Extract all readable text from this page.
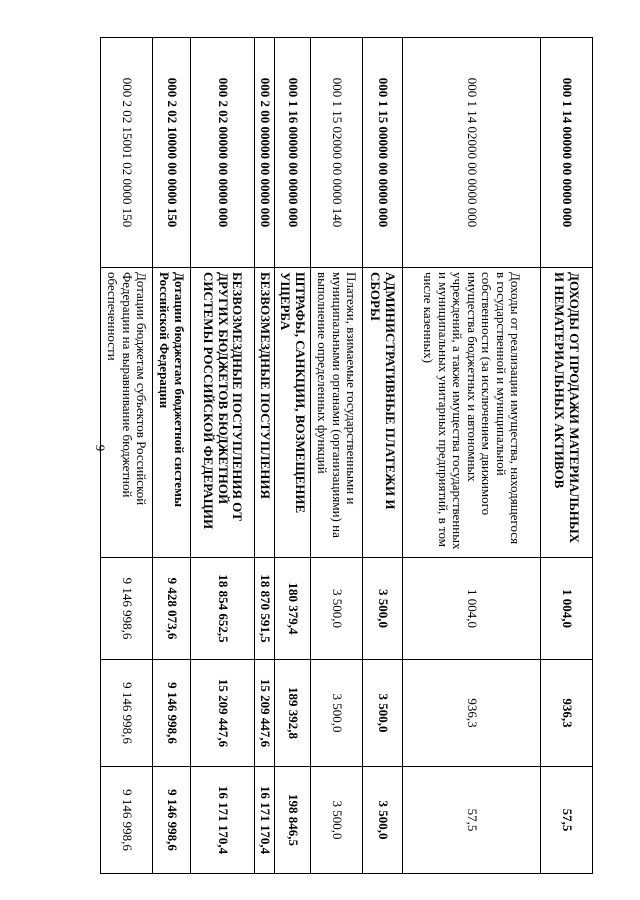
9
000 1 14 00000 00 0000 000	ДОХОДЫ ОТ ПРОДАЖИ МАТЕРИАЛЬНЫХ И НЕМАТЕРИАЛЬНЫХ АКТИВОВ	1 004,0	936,3	57,5
000 1 14 02000 00 0000 000	Доходы от реализации имущества, находящегося в государственной и муниципальной собственности (за исключением движимого имущества бюджетных и автономных учреждений, а также имущества государственных и муниципальных унитарных предприятий, в том числе казенных)	1 004,0	936,3	57,5
000 1 15 00000 00 0000 000	АДМИНИСТРАТИВНЫЕ ПЛАТЕЖИ И СБОРЫ	3 500,0	3 500,0	3 500,0
000 1 15 02000 00 0000 140	Платежи, взимаемые государственными и муниципальными органами (организациями) на выполнение определенных функций	3 500,0	3 500,0	3 500,0
000 1 16 00000 00 0000 000	ШТРАФЫ, САНКЦИИ, ВОЗМЕЩЕНИЕ УЩЕРБА	180 379,4	189 392,8	198 846,5
000 2 00 00000 00 0000 000	БЕЗВОЗМЕЗДНЫЕ ПОСТУПЛЕНИЯ	18 870 591,5	15 209 447,6	16 171 170,4
000 2 02 00000 00 0000 000	БЕЗВОЗМЕЗДНЫЕ ПОСТУПЛЕНИЯ ОТ ДРУГИХ БЮДЖЕТОВ БЮДЖЕТНОЙ СИСТЕМЫ РОССИЙСКОЙ ФЕДЕРАЦИИ	18 854 652,5	15 209 447,6	16 171 170,4
000 2 02 10000 00 0000 150	Дотации бюджетам бюджетной системы Российской Федерации	9 428 073,6	9 146 998,6	9 146 998,6
000 2 02 15001 02 0000 150	Дотации бюджетам субъектов Российской Федерации на выравнивание бюджетной обеспеченности	9 146 998,6	9 146 998,6	9 146 998,6
